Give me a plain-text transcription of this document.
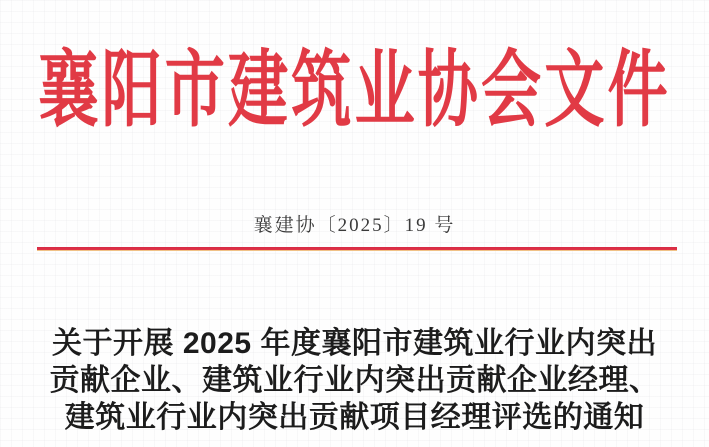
襄阳市建筑业协会文件
襄建协〔2025〕19 号
关于开展 2025 年度襄阳市建筑业行业内突出
贡献企业、建筑业行业内突出贡献企业经理、
建筑业行业内突出贡献项目经理评选的通知
